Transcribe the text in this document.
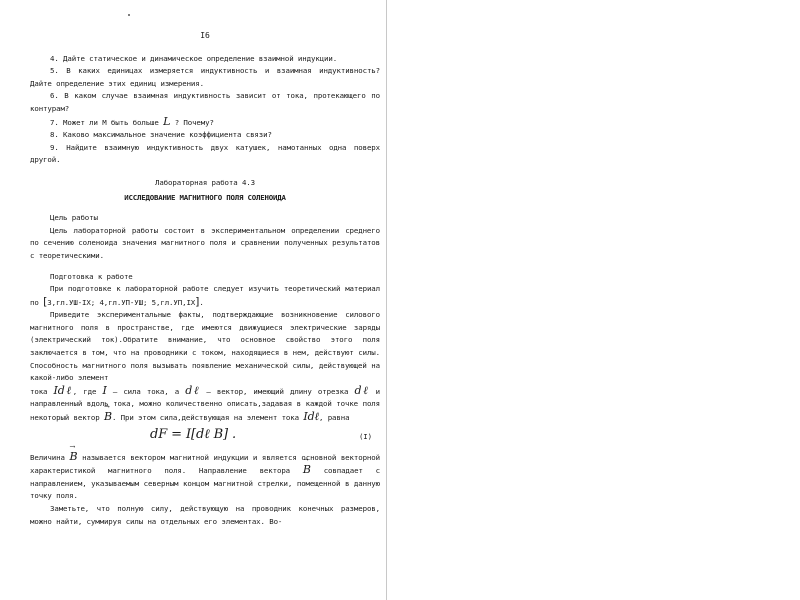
I6

4. Дайте статическое и динамическое определение взаимной индукции.

5. В каких единицах измеряется индуктивность и взаимная индуктивность? Дайте определение этих единиц измерения.

6. В каком случае взаимная индуктивность зависит от тока, протекающего по контурам?

7. Может ли M быть больше L ? Почему?

8. Каково максимальное значение коэффициента связи?

9. Найдите взаимную индуктивность двух катушек, намотанных одна поверх другой.

Лабораторная работа 4.3

ИССЛЕДОВАНИЕ МАГНИТНОГО ПОЛЯ СОЛЕНОИДА

Цель работы

Цель лабораторной работы состоит в экспериментальном определении среднего по сечению соленоида значения магнитного поля и сравнении полученных результатов с теоретическими.

Подготовка к работе

При подготовке к лабораторной работе следует изучить теоретический материал по [3,гл.УШ-IX; 4,гл.УП-УШ; 5,гл.УП,IX].

Приведите экспериментальные факты, подтверждающие возникновение силового магнитного поля в пространстве, где имеются движущиеся электрические заряды (электрический ток).Обратите внимание, что основное свойство этого поля заключается в том, что на проводники с током, находящиеся в нем, действуют силы. Способность магнитного поля вызывать появление механической силы, действующей на какой-либо элемент

тока Idℓ, где I – сила тока, а dℓ – вектор, имеющий длину отрезка dℓ и направленный вдоль тока, можно количественно описать,задавая в каждой точке поля некоторый вектор → B. При этом сила,действующая на элемент тока Idℓ, равна

dF = I[dℓ B] .	(I)

Величина → B называется вектором магнитной индукции и является основной векторной характеристикой магнитного поля. Направление вектора → B совпадает с направлением, указываемым северным концом магнитной стрелки, помещенной в данную точку поля.

Заметьте, что полную силу, действующую на проводник конечных размеров, можно найти, суммируя силы на отдельных его элементах. Во-
